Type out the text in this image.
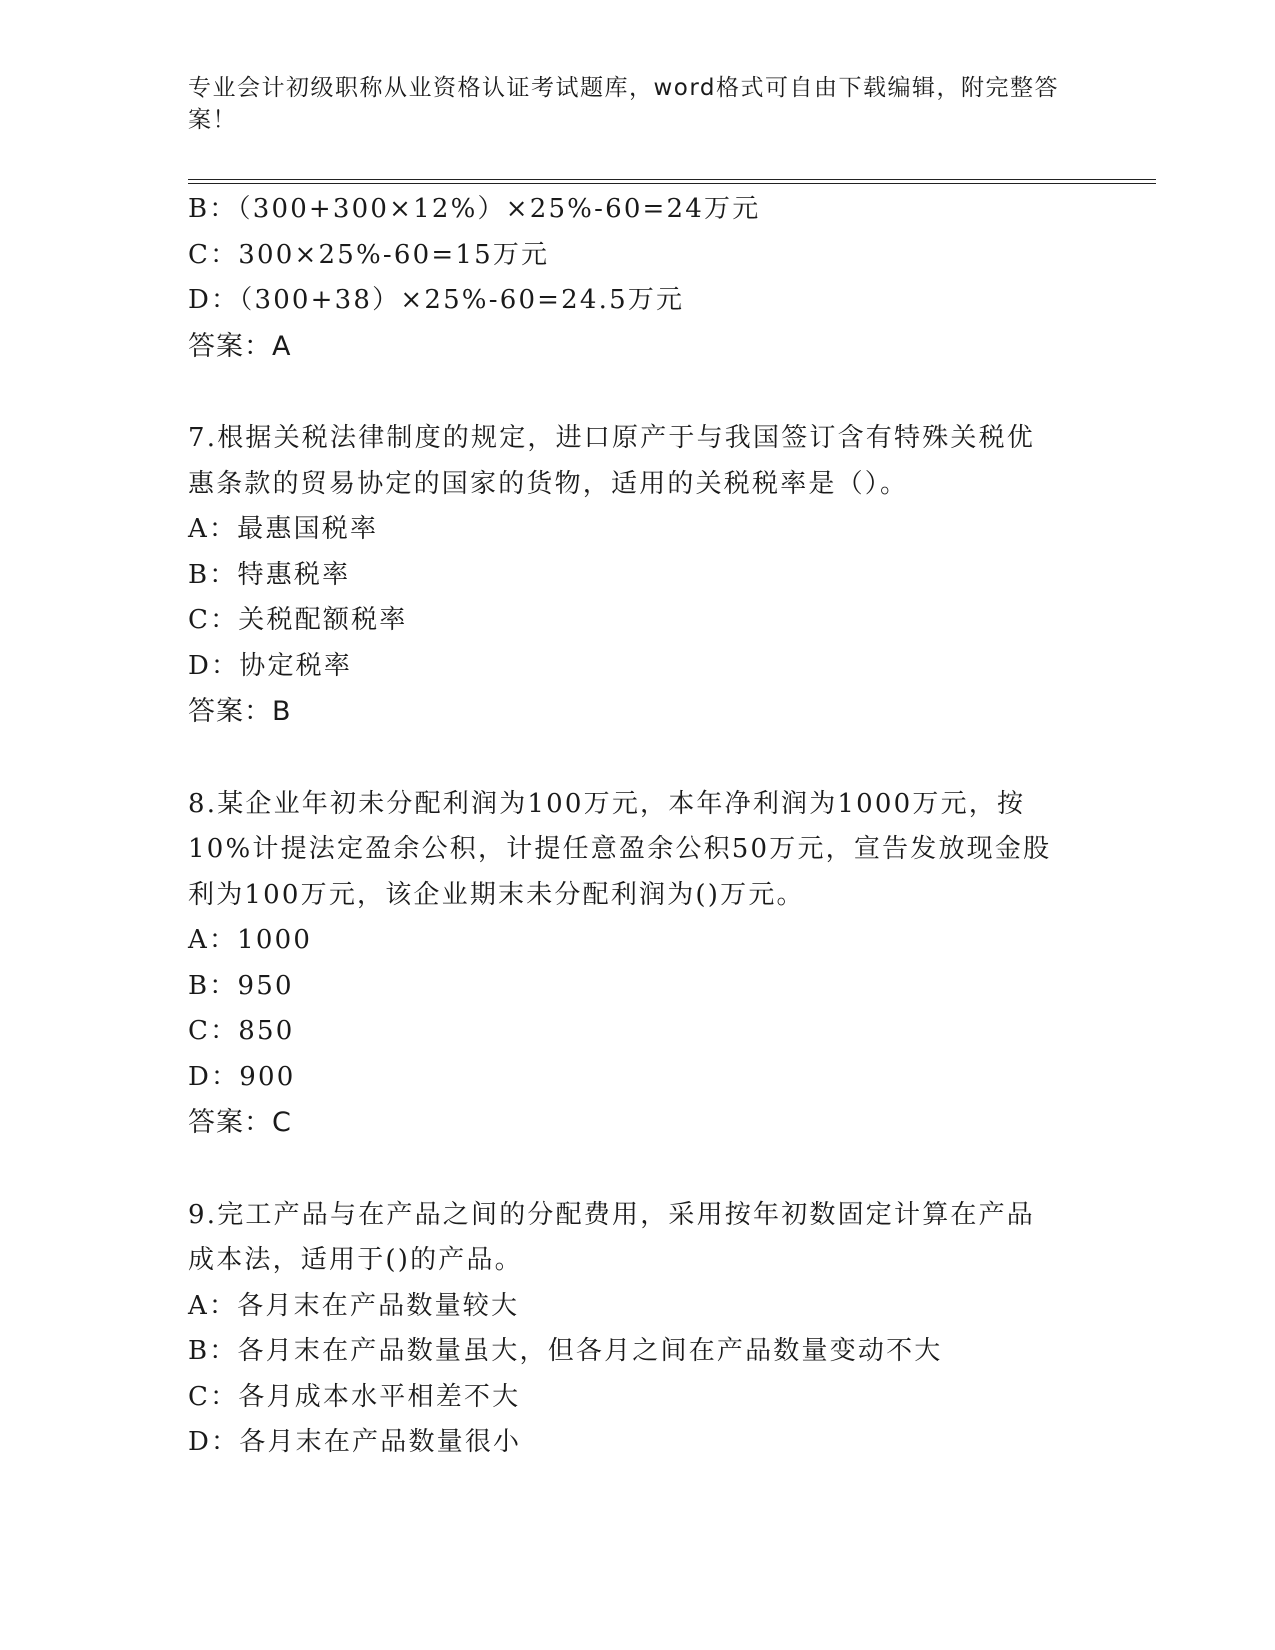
专业会计初级职称从业资格认证考试题库，word格式可自由下载编辑，附完整答
案！
B：（300+300×12%）×25%-60=24万元
C：300×25%-60=15万元
D：（300+38）×25%-60=24.5万元
答案：A
7.根据关税法律制度的规定，进口原产于与我国签订含有特殊关税优
惠条款的贸易协定的国家的货物，适用的关税税率是（）。
A：最惠国税率
B：特惠税率
C：关税配额税率
D：协定税率
答案：B
8.某企业年初未分配利润为100万元，本年净利润为1000万元，按
10%计提法定盈余公积，计提任意盈余公积50万元，宣告发放现金股
利为100万元，该企业期末未分配利润为()万元。
A：1000
B：950
C：850
D：900
答案：C
9.完工产品与在产品之间的分配费用，采用按年初数固定计算在产品
成本法，适用于()的产品。
A：各月末在产品数量较大
B：各月末在产品数量虽大，但各月之间在产品数量变动不大
C：各月成本水平相差不大
D：各月末在产品数量很小
